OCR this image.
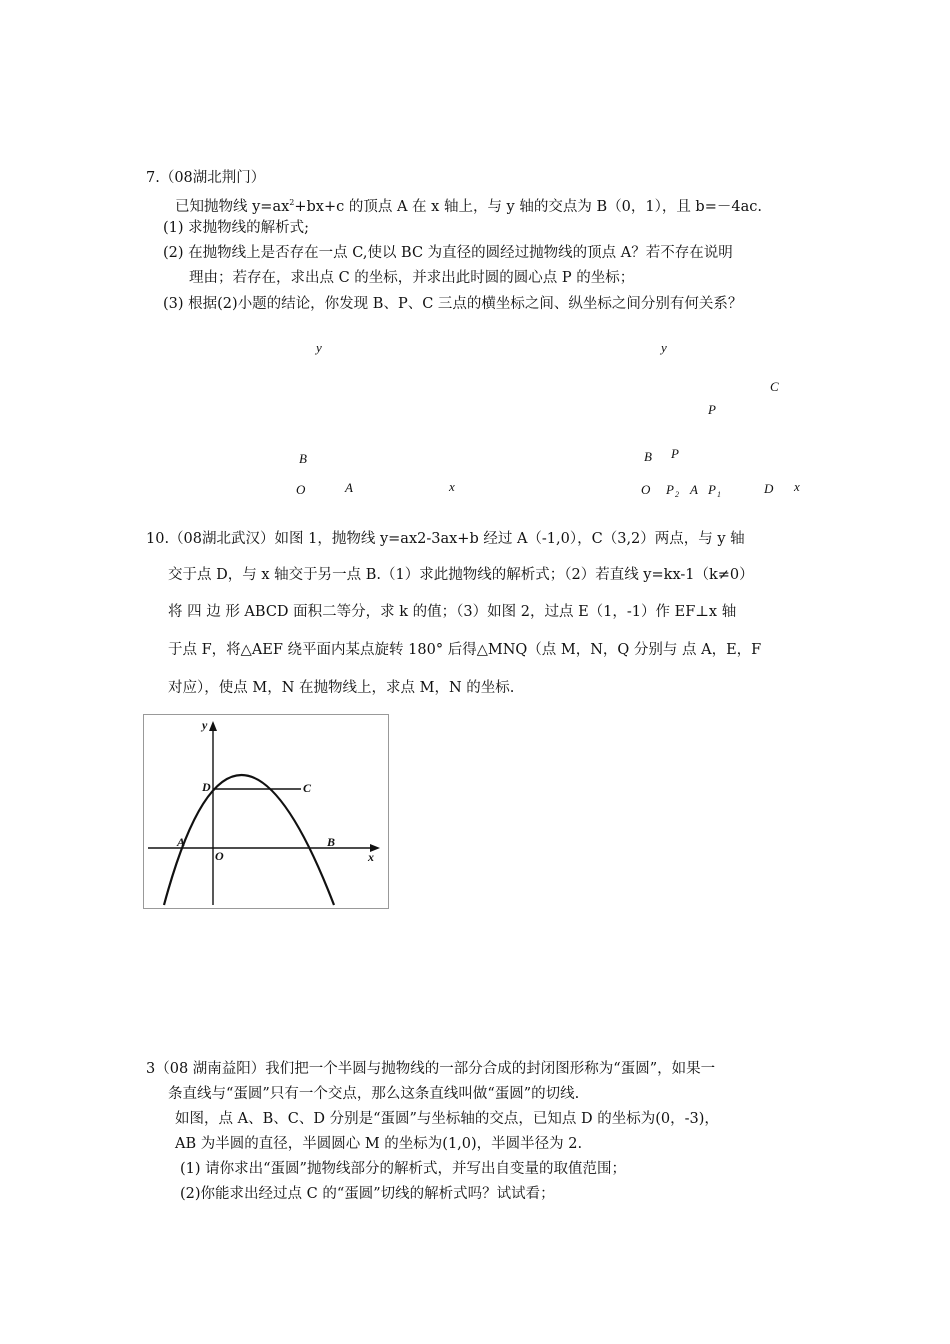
7.（08湖北荆门）
已知抛物线 $y=ax^2+bx+c$ 的顶点 A 在 x 轴上，与 y 轴的交点为 B（0，1），且 b=－4ac.
(1) 求抛物线的解析式;
(2) 在抛物线上是否存在一点 C,使以 BC 为直径的圆经过抛物线的顶点 A？若不存在说明
理由；若存在，求出点 C 的坐标，并求出此时圆的圆心点 P 的坐标；
(3) 根据(2)小题的结论，你发现 B、P、C 三点的横坐标之间、纵坐标之间分别有何关系？
y
B
O	A	x
y
C
P
B P
O $P_2$ A $P_1$	D x
10.（08湖北武汉）如图 1，抛物线 y=ax2-3ax+b 经过 A（-1,0），C（3,2）两点，与 y 轴
交于点 D，与 x 轴交于另一点 B.（1）求此抛物线的解析式；（2）若直线 y=kx-1（k≠0）
将 四 边 形 ABCD 面积二等分，求 k 的值；（3）如图 2，过点 E（1，-1）作 EF⊥x 轴
于点 F，将△AEF 绕平面内某点旋转 180° 后得△MNQ（点 M，N，Q 分别与 点 A，E，F
对应），使点 M，N 在抛物线上，求点 M，N 的坐标.
y
D	C
A
O
B
x
3（08 湖南益阳）我们把一个半圆与抛物线的一部分合成的封闭图形称为“蛋圆”，如果一
条直线与“蛋圆”只有一个交点，那么这条直线叫做“蛋圆”的切线.
如图，点 A、B、C、D 分别是“蛋圆”与坐标轴的交点，已知点 D 的坐标为(0，-3)，
AB 为半圆的直径，半圆圆心 M 的坐标为(1,0)，半圆半径为 2.
(1) 请你求出“蛋圆”抛物线部分的解析式，并写出自变量的取值范围；
(2)你能求出经过点 C 的“蛋圆”切线的解析式吗？试试看；
